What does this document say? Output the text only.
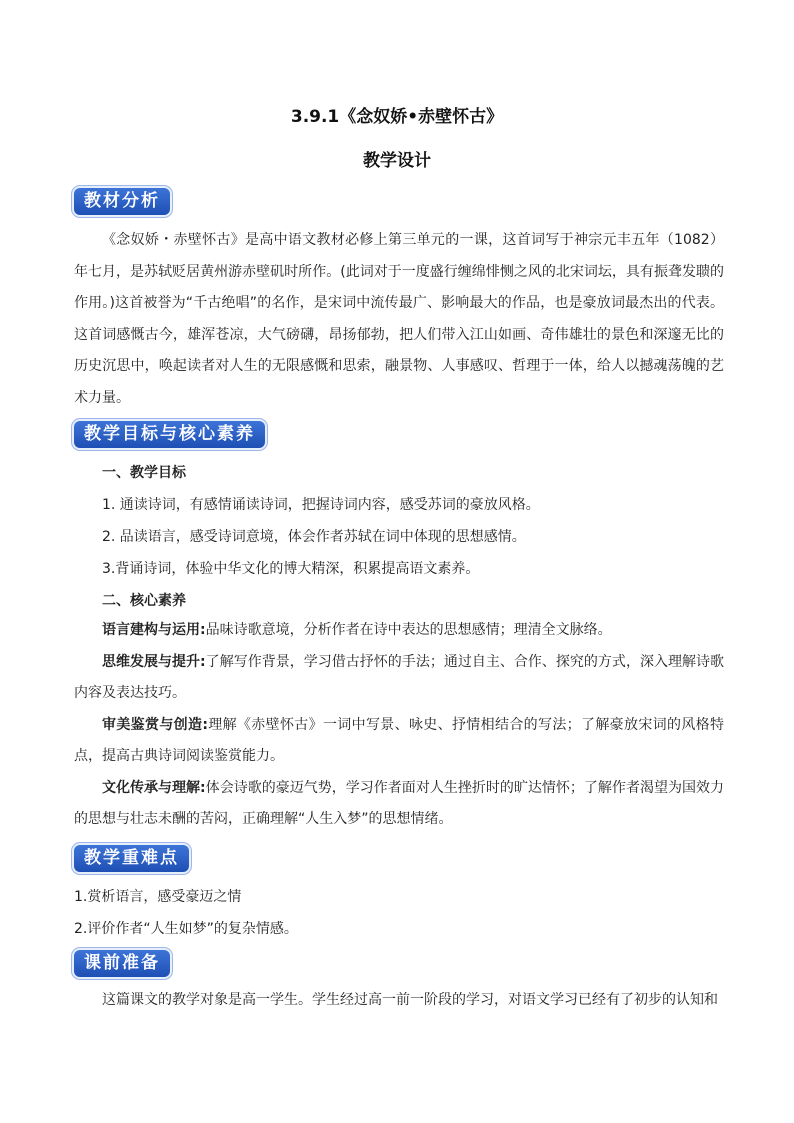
3.9.1《念奴娇•赤壁怀古》
教学设计
教材分析
《念奴娇・赤壁怀古》是高中语文教材必修上第三单元的一课，这首词写于神宗元丰五年（1082）年七月，是苏轼贬居黄州游赤壁矶时所作。(此词对于一度盛行缠绵悱恻之风的北宋词坛，具有振聋发聩的作用。)这首被誉为“千古绝唱”的名作，是宋词中流传最广、影响最大的作品，也是豪放词最杰出的代表。这首词感慨古今，雄浑苍凉，大气磅礴，昂扬郁勃，把人们带入江山如画、奇伟雄壮的景色和深邃无比的历史沉思中，唤起读者对人生的无限感慨和思索，融景物、人事感叹、哲理于一体，给人以撼魂荡魄的艺术力量。
教学目标与核心素养
一、教学目标
1. 通读诗词，有感情诵读诗词，把握诗词内容，感受苏词的豪放风格。
2. 品读语言，感受诗词意境，体会作者苏轼在词中体现的思想感情。
3.背诵诗词，体验中华文化的博大精深，积累提高语文素养。
二、核心素养
语言建构与运用:品味诗歌意境，分析作者在诗中表达的思想感情；理清全文脉络。
思维发展与提升:了解写作背景，学习借古抒怀的手法；通过自主、合作、探究的方式，深入理解诗歌内容及表达技巧。
审美鉴赏与创造:理解《赤壁怀古》一词中写景、咏史、抒情相结合的写法；了解豪放宋词的风格特点，提高古典诗词阅读鉴赏能力。
文化传承与理解:体会诗歌的豪迈气势，学习作者面对人生挫折时的旷达情怀；了解作者渴望为国效力的思想与壮志未酬的苦闷，正确理解“人生入梦”的思想情绪。
教学重难点
1.赏析语言，感受豪迈之情
2.评价作者“人生如梦”的复杂情感。
课前准备
这篇课文的教学对象是高一学生。学生经过高一前一阶段的学习，对语文学习已经有了初步的认知和
